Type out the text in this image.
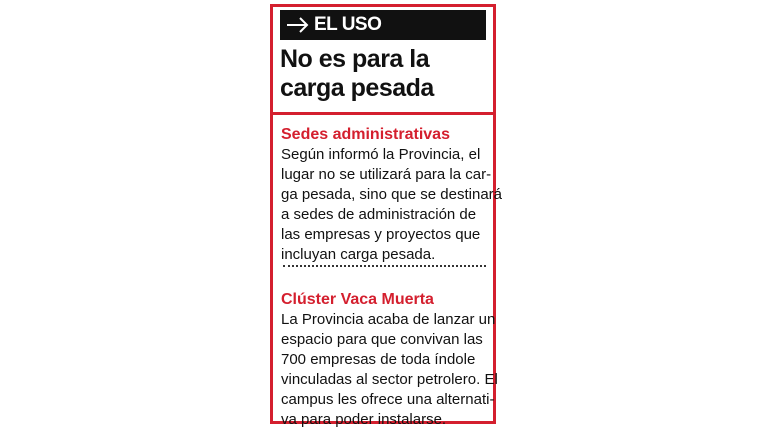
EL USO
No es para la
carga pesada
Sedes administrativas

Según informó la Provincia, el
lugar no se utilizará para la car-
ga pesada, sino que se destinará
a sedes de administración de
las empresas y proyectos que
incluyan carga pesada.

Clúster Vaca Muerta

La Provincia acaba de lanzar un
espacio para que convivan las
700 empresas de toda índole
vinculadas al sector petrolero. El
campus les ofrece una alternati-
va para poder instalarse.
